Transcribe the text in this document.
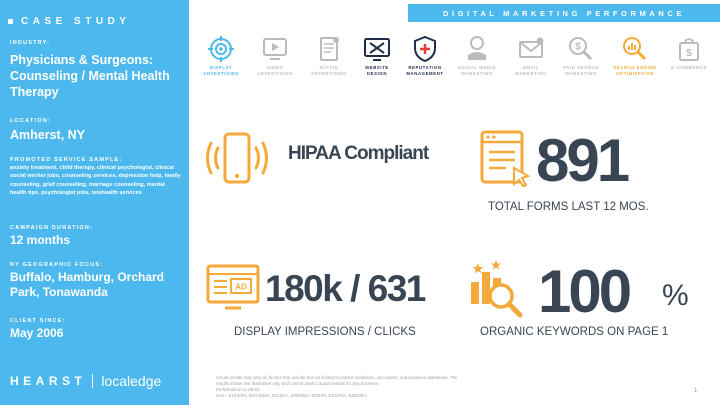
CASE STUDY
INDUSTRY:
Physicians & Surgeons: Counseling / Mental Health Therapy
LOCATION:
Amherst, NY
PROMOTED SERVICE SAMPLE:
anxiety treatment, child therapy, clinical psychologist, clinical social worker jobs, counseling services, depression help, family counseling, grief counseling, marriage counseling, mental health tips, psychologist jobs, telehealth services
CAMPAIGN DURATION:
12 months
NY GEOGRAPHIC FOCUS:
Buffalo, Hamburg, Orchard Park, Tonawanda
CLIENT SINCE:
May 2006
HEARST localedge
DIGITAL MARKETING PERFORMANCE
DISPLAY
ADVERTISING
VIDEO
ADVERTISING
NATIVE
ADVERTISING
WEBSITE
DESIGN
REPUTATION
MANAGEMENT
SOCIAL MEDIA
MARKETING
EMAIL
MARKETING
$
PAID SEARCH
MARKETING
SEARCH ENGINE
OPTIMIZATION
$
E-COMMERCE

HIPAA Compliant 891
TOTAL FORMS LAST 12 MOS.
AD 180k / 631
DISPLAY IMPRESSIONS / CLICKS
100 %
ORGANIC KEYWORDS ON PAGE 1
Actual results may vary on factors that include but not limited to market conditions, ad content, and business operations. The
results shown are illustrative only and cannot predict actual results for any business.
Performance to 2/8/23
Unit – EHXEPA, WSADIMA, ECUEIA, EPROEA, EDEPA, EDSPVA, ESEOEA
1
